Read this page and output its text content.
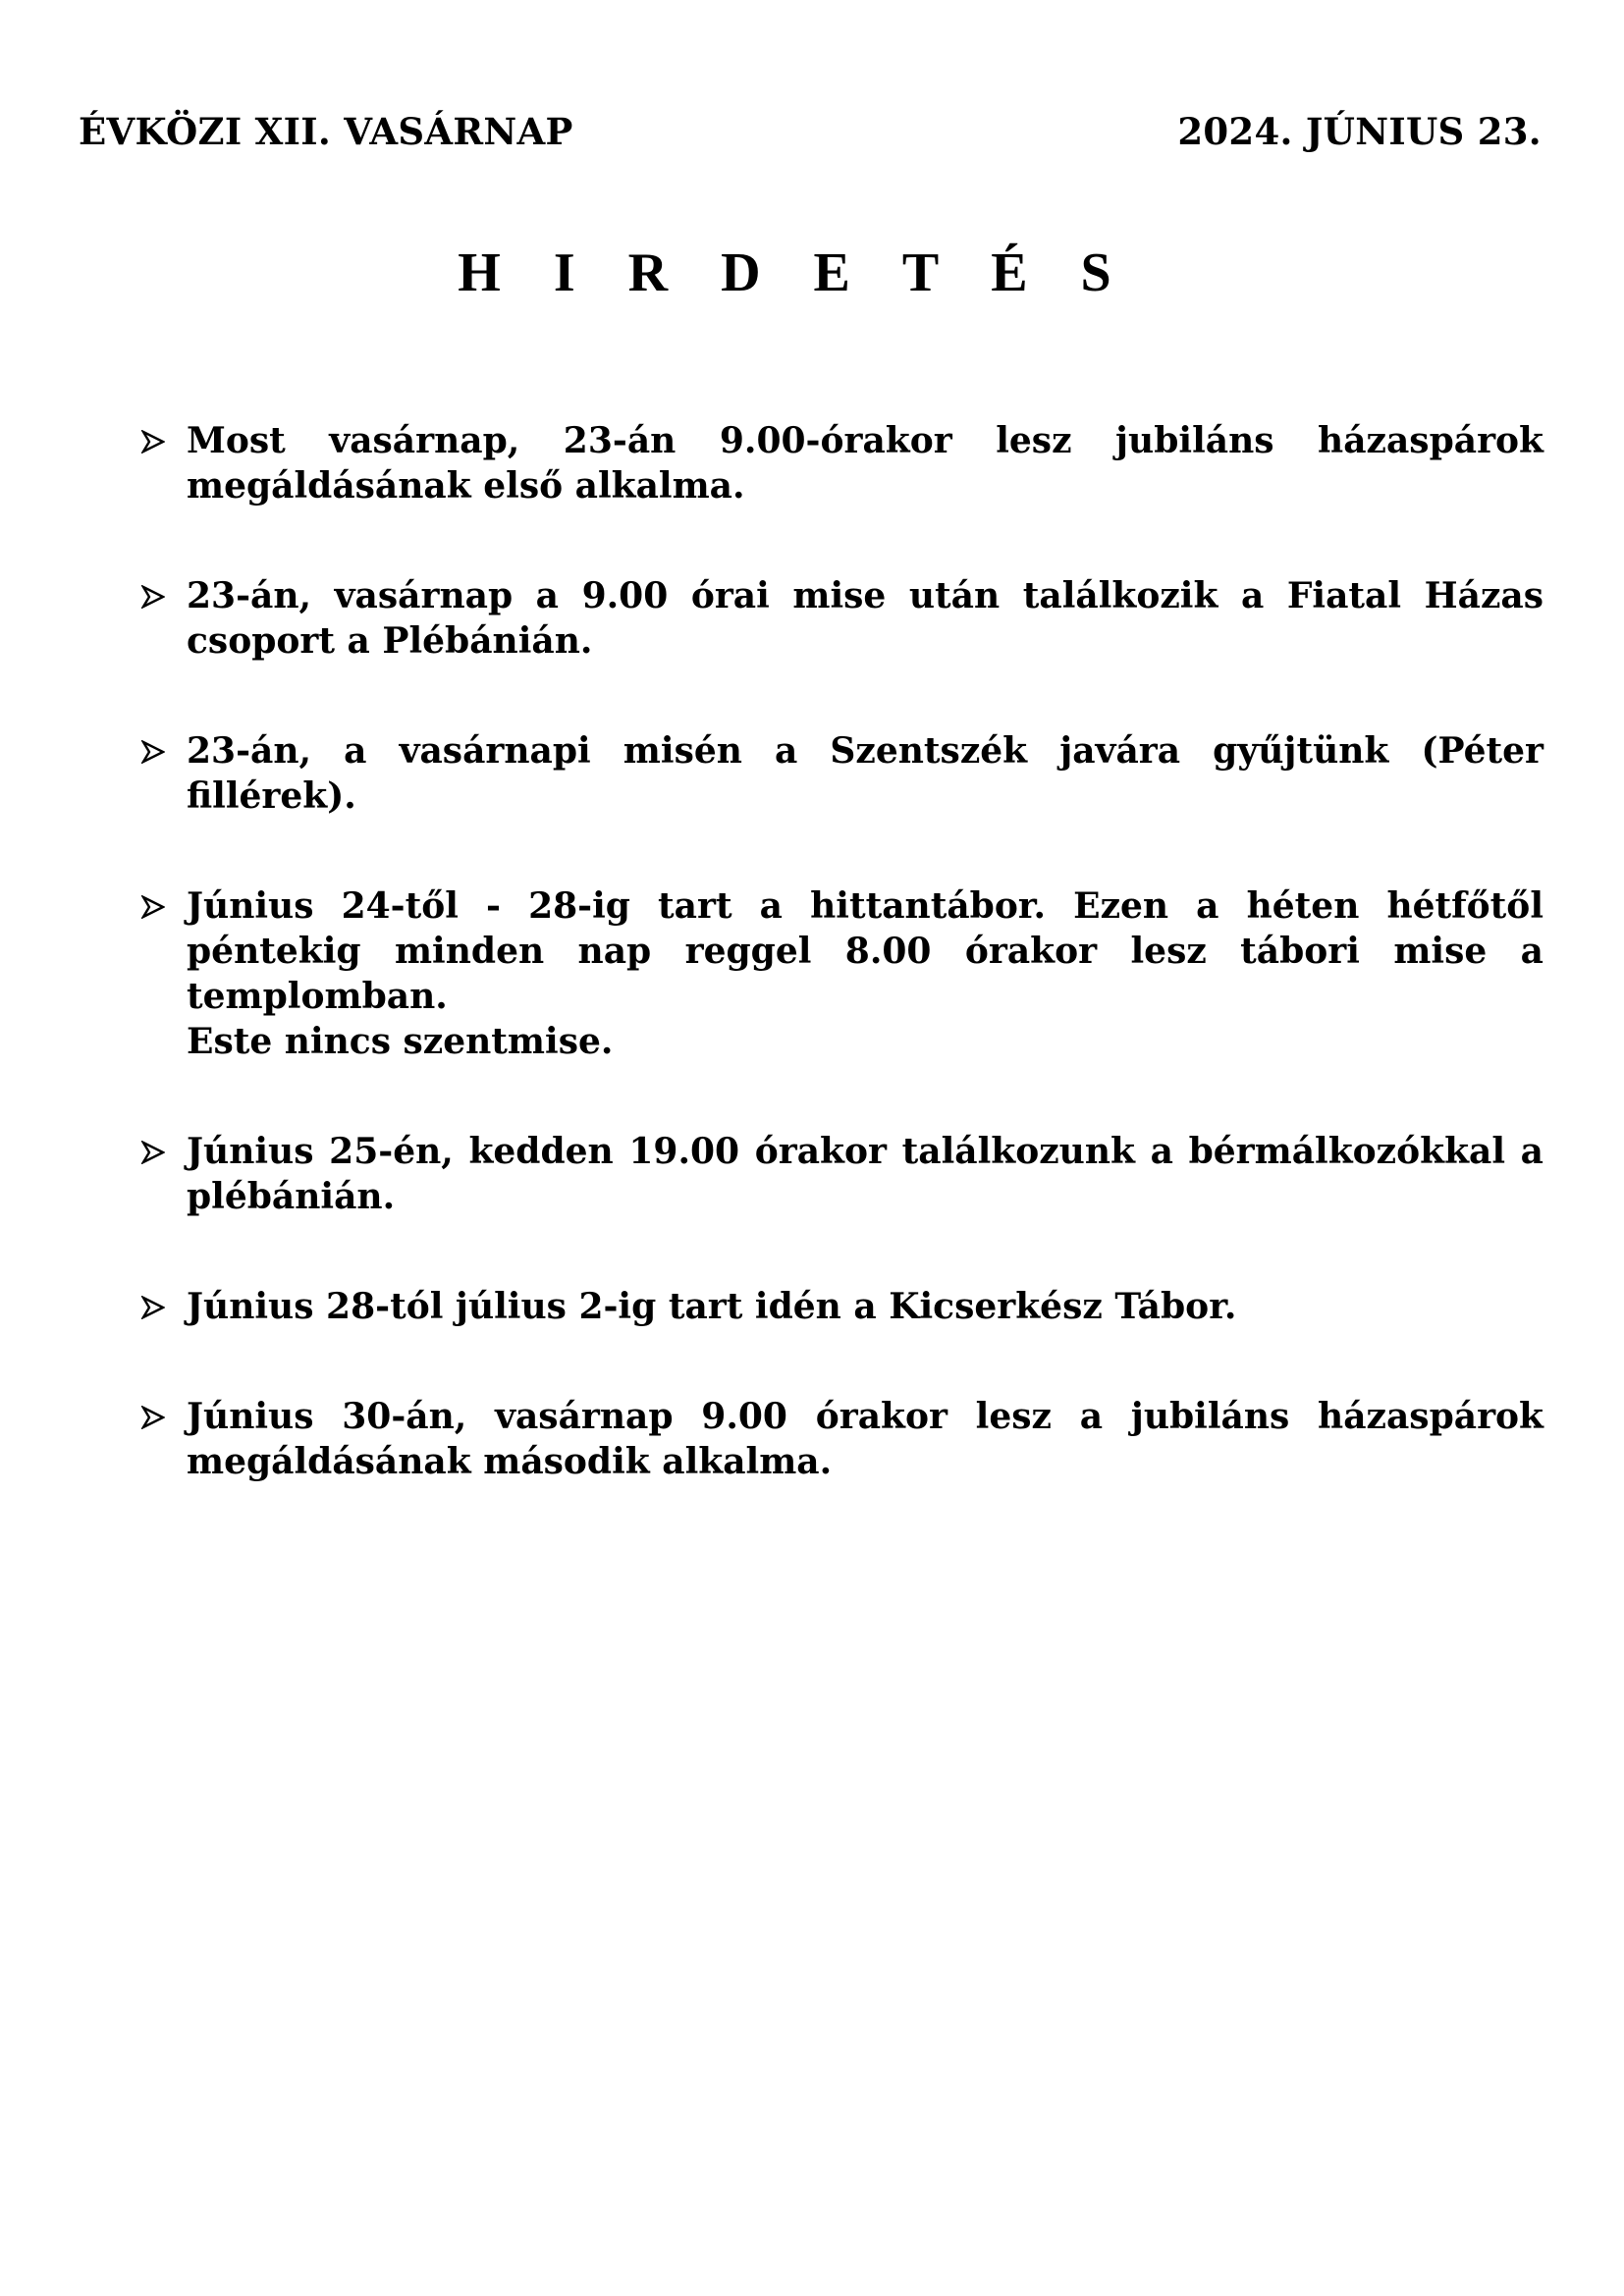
ÉVKÖZI XII. VASÁRNAP	2024. JÚNIUS 23.
H I R D E T É S

Most vasárnap, 23-án 9.00-órakor lesz jubiláns házaspárok megáldásának első alkalma.

23-án, vasárnap a 9.00 órai mise után találkozik a Fiatal Házas csoport a Plébánián.

23-án, a vasárnapi misén a Szentszék javára gyűjtünk (Péter fillérek).

Június 24-től - 28-ig tart a hittantábor. Ezen a héten hétfőtől péntekig minden nap reggel 8.00 órakor lesz tábori mise a templomban.

Este nincs szentmise.

Június 25-én, kedden 19.00 órakor találkozunk a bérmálkozókkal a plébánián.

Június 28-tól július 2-ig tart idén a Kicserkész Tábor.

Június 30-án, vasárnap 9.00 órakor lesz a jubiláns házaspárok megáldásának második alkalma.
